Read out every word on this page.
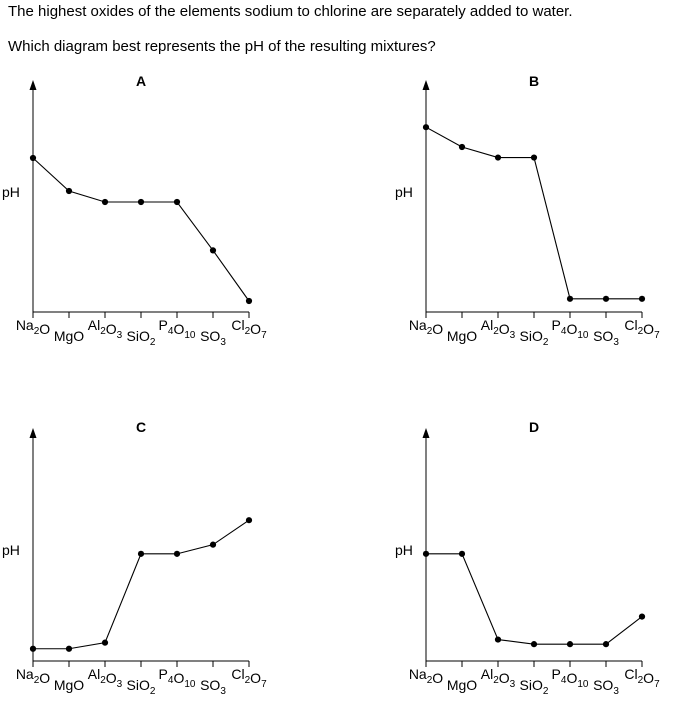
The highest oxides of the elements sodium to chlorine are separately added to water.
Which diagram best represents the pH of the resulting mixtures?
A
pH
$Na_2O$ MgO
$Al_2O_3$ SiO$_2$
$P_4O_{10}$ $SO_3$
$Cl_2O_7$
B
pH
$Na_2O$ MgO
$Al_2O_3$ SiO$_2$
$P_4O_{10}$ $SO_3$
$Cl_2O_7$
C
pH
$Na_2O$ MgO
$Al_2O_3$ SiO$_2$
$P_4O_{10}$ $SO_3$
$Cl_2O_7$
D
pH
$Na_2O$ MgO
$Al_2O_3$ SiO$_2$
$P_4O_{10}$ $SO_3$
$Cl_2O_7$
